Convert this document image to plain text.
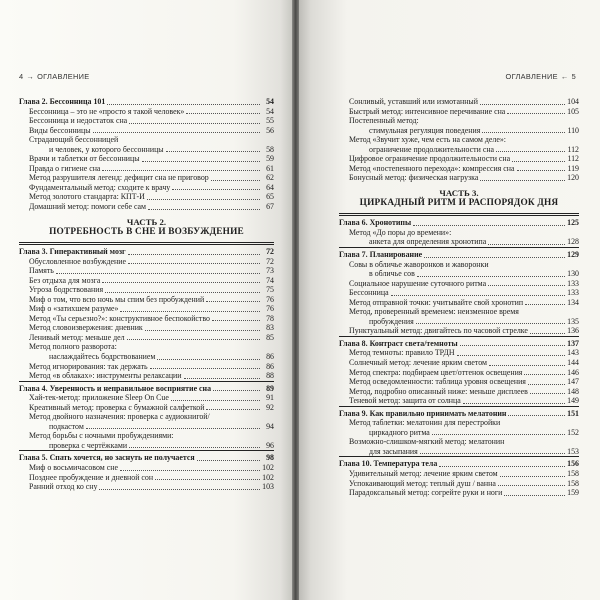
4 → ОГЛАВЛЕНИЕ
Глава 2. Бессонница 101	54
Бессонница – это не «просто я такой человек»	54
Бессонница и недостаток сна	55
Виды бессонницы	56
Страдающий бессонницей
и человек, у которого бессонницы	58
Врачи и таблетки от бессонницы	59
Правда о гигиене сна	61
Метод разрушителя легенд: дефицит сна не приговор	62
Фундаментальный метод: сходите к врачу	64
Метод золотого стандарта: КПТ-И	65
Домашний метод: помоги себе сам	67
ЧАСТЬ 2.
ПОТРЕБНОСТЬ В СНЕ И ВОЗБУЖДЕНИЕ
Глава 3. Гиперактивный мозг	72
Обусловленное возбуждение	72
Память	73
Без отдыха для мозга	74
Угроза бодрствования	75
Миф о том, что всю ночь мы спим без пробуждений	76
Миф о «затихшем разуме»	76
Метод «Ты серьезно?»: конструктивное беспокойство	78
Метод словоизвержения: дневник	83
Ленивый метод: меньше дел	85
Метод полного разворота:
наслаждайтесь бодрствованием	86
Метод игнорирования: так держать	86
Метод «в облаках»: инструменты релаксации	88
Глава 4. Уверенность и неправильное восприятие сна	89
Хай-тек-метод: приложение Sleep On Cue	91
Креативный метод: проверка с бумажной салфеткой	92
Метод двойного назначения: проверка с аудиокнигой/
подкастом	94
Метод борьбы с ночными пробуждениями:
проверка с чертёжками	96
Глава 5. Спать хочется, но заснуть не получается	98
Миф о восьмичасовом сне	102
Позднее пробуждение и дневной сон	102
Ранний отход ко сну	103
ОГЛАВЛЕНИЕ ← 5
Сонливый, уставший или измотанный	104
Быстрый метод: интенсивное перечивание сна	105
Постепенный метод:
стимульная регуляция поведения	110
Метод «Звучит хуже, чем есть на самом деле»:
ограничение продолжительности сна	112
Цифровое ограничение продолжительности сна	112
Метод «постепенного перехода»: компрессия сна	119
Бонусный метод: физическая нагрузка	120
ЧАСТЬ 3.
ЦИРКАДНЫЙ РИТМ И РАСПОРЯДОК ДНЯ
Глава 6. Хронотипы	125
Метод «До поры до времени»:
анкета для определения хронотипа	128
Глава 7. Планирование	129
Совы в обличье жаворонков и жаворонки
в обличье сов	130
Социальное нарушение суточного ритма	133
Бессонница	133
Метод отправной точки: учитывайте свой хронотип	134
Метод, проверенный временем: неизменное время
пробуждения	135
Пунктуальный метод: двигайтесь по часовой стрелке	136
Глава 8. Контраст света/темноты	137
Метод темноты: правило ТРДН	143
Солнечный метод: лечение ярким светом	144
Метод спектра: подбираем цвет/оттенок освещения	146
Метод осведомленности: таблица уровня освещения	147
Метод, подробно описанный ниже: меньше дисплеев	148
Теневой метод: защита от солнца	149
Глава 9. Как правильно принимать мелатонин	151
Метод таблетки: мелатонин для перестройки
циркадного ритма	152
Возможно-слишком-мягкий метод: мелатонин
для засыпания	153
Глава 10. Температура тела	156
Удивительный метод: лечение ярким светом	158
Успокаивающий метод: теплый душ / ванна	158
Парадоксальный метод: согрейте руки и ноги	159
